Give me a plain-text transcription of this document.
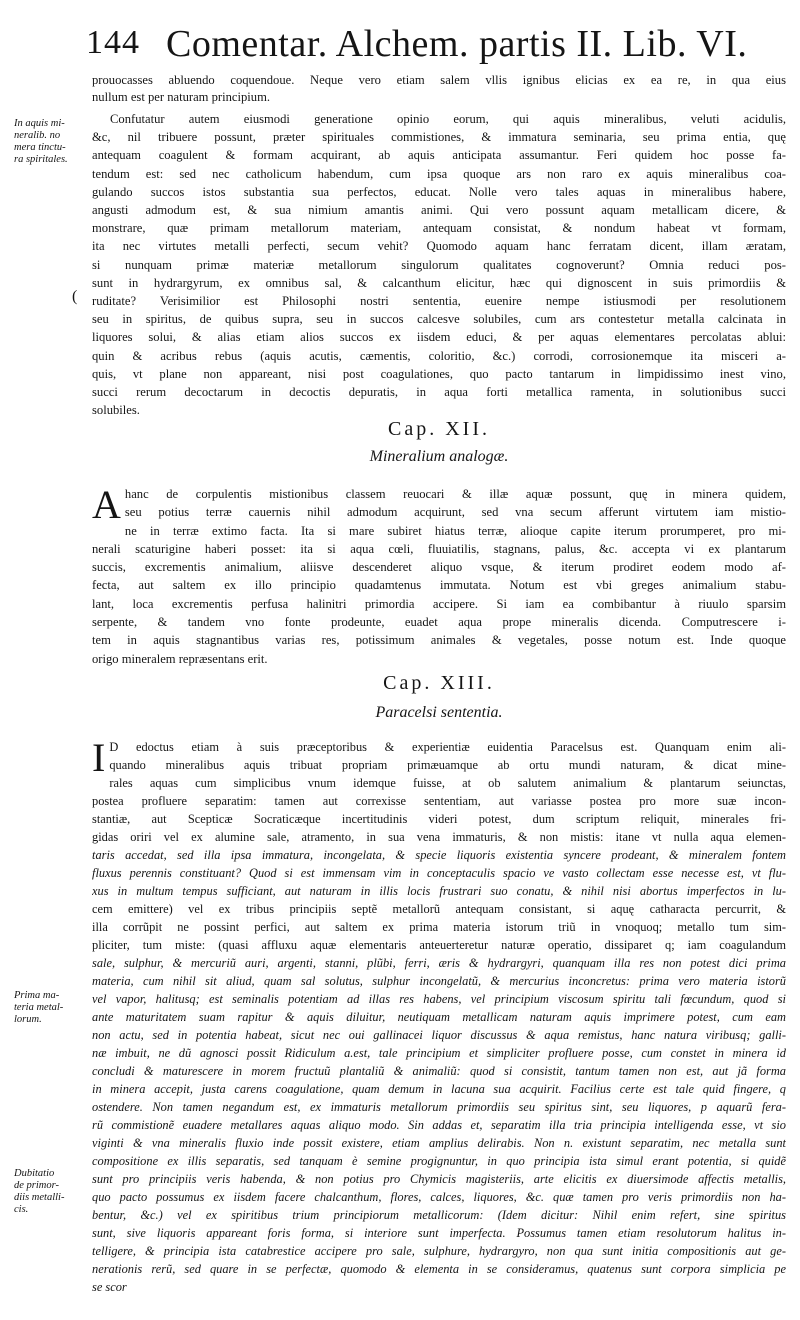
144 Comentar. Alchem. partis II. Lib. VI.
In aquis mi-
neralib. no
mera tinctu-
ra spiritales.
(
Prima ma-
teria metal-
lorum.
Dubitatio
de primor-
diis metalli-
cis.
prouocasses abluendo coquendoue. Neque vero etiam salem vllis ignibus elicias ex ea re, in qua eius
nullum est per naturam principium.
Confutatur autem eiusmodi generatione opinio eorum, qui aquis mineralibus, veluti acidulis,
&c, nil tribuere possunt, præter spirituales commistiones, & immatura seminaria, seu prima entia, quę
antequam coagulent & formam acquirant, ab aquis anticipata assumantur. Feri quidem hoc posse fa-
tendum est: sed nec catholicum habendum, cum ipsa quoque ars non raro ex aquis mineralibus coa-
gulando succos istos substantia sua perfectos, educat. Nolle vero tales aquas in mineralibus habere,
angusti admodum est, & sua nimium amantis animi. Qui vero possunt aquam metallicam dicere, &
monstrare, quæ primam metallorum materiam, antequam consistat, & nondum habeat vt formam,
ita nec virtutes metalli perfecti, secum vehit? Quomodo aquam hanc ferratam dicent, illam æratam,
si nunquam primæ materiæ metallorum singulorum qualitates cognoverunt? Omnia reduci pos-
sunt in hydrargyrum, ex omnibus sal, & calcanthum elicitur, hæc qui dignoscent in suis primordiis &
ruditate? Verisimilior est Philosophi nostri sententia, euenire nempe istiusmodi per resolutionem
seu in spiritus, de quibus supra, seu in succos calcesve solubiles, cum ars contestetur metalla calcinata in
liquores solui, & alias etiam alios succos ex iisdem educi, & per aquas elementares percolatas ablui:
quin & acribus rebus (aquis acutis, cæmentis, coloritio, &c.) corrodi, corrosionemque ita misceri a-
quis, vt plane non appareant, nisi post coagulationes, quo pacto tantarum in limpidissimo inest vino,
succi rerum decoctarum in decoctis depuratis, in aqua forti metallica ramenta, in solutionibus succi
solubiles.
Cap. XII.
Mineralium analogæ.
A hanc de corpulentis mistionibus classem reuocari & illæ aquæ possunt, quę in minera quidem,
seu potius terræ cauernis nihil admodum acquirunt, sed vna secum afferunt virtutem iam mistio-
ne in terræ extimo facta. Ita si mare subiret hiatus terræ, alioque capite iterum prorumperet, pro mi-
nerali scaturigine haberi posset: ita si aqua cœli, fluuiatilis, stagnans, palus, &c. accepta vi ex plantarum
succis, excrementis animalium, aliisve descenderet aliquo vsque, & iterum prodiret eodem modo af-
fecta, aut saltem ex illo principio quadamtenus immutata. Notum est vbi greges animalium stabu-
lant, loca excrementis perfusa halinitri primordia accipere. Si iam ea combibantur à riuulo sparsim
serpente, & tandem vno fonte prodeunte, euadet aqua prope mineralis dicenda. Computrescere i-
tem in aquis stagnantibus varias res, potissimum animales & vegetales, posse notum est. Inde quoque
origo mineralem repræsentans erit.
Cap. XIII.
Paracelsi sententia.
I D edoctus etiam à suis præceptoribus & experientiæ euidentia Paracelsus est. Quanquam enim ali-
quando mineralibus aquis tribuat propriam primæuamque ab ortu mundi naturam, & dicat mine-
rales aquas cum simplicibus vnum idemque fuisse, at ob salutem animalium & plantarum seiunctas,
postea profluere separatim: tamen aut correxisse sententiam, aut variasse postea pro more suæ incon-
stantiæ, aut Scepticæ Socraticæque incertitudinis videri potest, dum scriptum reliquit, minerales fri-
gidas oriri vel ex alumine sale, atramento, in sua vena immaturis, & non mistis: itane vt nulla aqua elemen-
taris accedat, sed illa ipsa immatura, incongelata, & specie liquoris existentia syncere prodeant, & mineralem fontem
fluxus perennis constituant? Quod si est immensam vim in conceptaculis spacio ve vasto collectam esse necesse est, vt flu-
xus in multum tempus sufficiant, aut naturam in illis locis frustrari suo conatu, & nihil nisi abortus imperfectos in lu-
cem emittere) vel ex tribus principiis septẽ metallorũ antequam consistant, si aquę catharacta percurrit, &
illa corrũpit ne possint perfici, aut saltem ex prima materia istorum triũ in vnoquoq; metallo tum sim-
pliciter, tum miste: (quasi affluxu aquæ elementaris anteuerteretur naturæ operatio, dissiparet q; iam coagulandum
sale, sulphur, & mercuriũ auri, argenti, stanni, plũbi, ferri, æris & hydrargyri, quanquam illa res non potest dici prima
materia, cum nihil sit aliud, quam sal solutus, sulphur incongelatũ, & mercurius inconcretus: prima vero materia istorũ
vel vapor, halitusq; est seminalis potentiam ad illas res habens, vel principium viscosum spiritu tali fœcundum, quod si
ante maturitatem suam rapitur & aquis diluitur, neutiquam metallicam naturam aquis imprimere potest, cum eam
non actu, sed in potentia habeat, sicut nec oui gallinacei liquor discussus & aqua remistus, hanc natura viribusq; galli-
næ imbuit, ne dũ agnosci possit Ridiculum a.est, tale principium et simpliciter profluere posse, cum constet in minera id
concludi & maturescere in morem fructuũ plantaliũ & animaliũ: quod si consistit, tantum tamen non est, aut jã forma
in minera accepit, justa carens coagulatione, quam demum in lacuna sua acquirit. Facilius certe est tale quid fingere, q
ostendere. Non tamen negandum est, ex immaturis metallorum primordiis seu spiritus sint, seu liquores, p aquarũ fera-
rũ commistionẽ euadere metallares aquas aliquo modo. Sin addas et, separatim illa tria principia intelligenda esse, vt sio
viginti & vna mineralis fluxio inde possit existere, etiam amplius delirabis. Non n. existunt separatim, nec metalla sunt
compositione ex illis separatis, sed tanquam è semine progignuntur, in quo principia ista simul erant potentia, si quidẽ
sunt pro principiis veris habenda, & non potius pro Chymicis magisteriis, arte elicitis ex diuersimode affectis metallis,
quo pacto possumus ex iisdem facere chalcanthum, flores, calces, liquores, &c. quæ tamen pro veris primordiis non ha-
bentur, &c.) vel ex spiritibus trium principiorum metallicorum: (Idem dicitur: Nihil enim refert, sine spiritus
sunt, sive liquoris appareant foris forma, si interiore sunt imperfecta. Possumus tamen etiam resolutorum halitus in-
telligere, & principia ista catabrestice accipere pro sale, sulphure, hydrargyro, non qua sunt initia compositionis aut ge-
nerationis rerũ, sed quare in se perfectæ, quomodo & elementa in se consideramus, quatenus sunt corpora simplicia pe
se scor
